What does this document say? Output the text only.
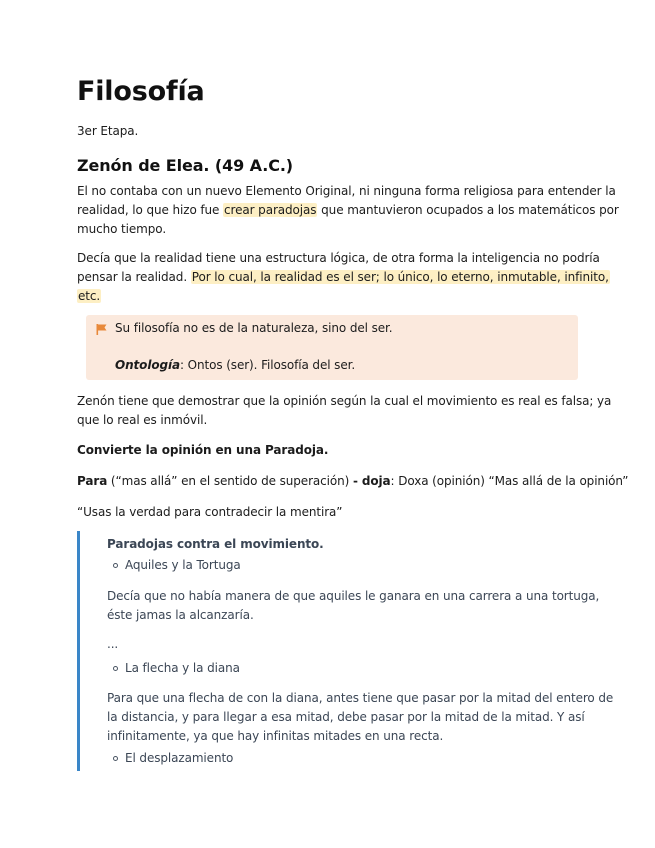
Filosofía
3er Etapa.
Zenón de Elea. (49 A.C.)
El no contaba con un nuevo Elemento Original, ni ninguna forma religiosa para entender la
realidad, lo que hizo fue crear paradojas que mantuvieron ocupados a los matemáticos por
mucho tiempo.
Decía que la realidad tiene una estructura lógica, de otra forma la inteligencia no podría
pensar la realidad. Por lo cual, la realidad es el ser; lo único, lo eterno, inmutable, infinito,
etc.
Su filosofía no es de la naturaleza, sino del ser.
Ontología: Ontos (ser). Filosofía del ser.
Zenón tiene que demostrar que la opinión según la cual el movimiento es real es falsa; ya
que lo real es inmóvil.
Convierte la opinión en una Paradoja.
Para (“mas allá” en el sentido de superación) - doja: Doxa (opinión) “Mas allá de la opinión”
“Usas la verdad para contradecir la mentira”
Paradojas contra el movimiento.
Aquiles y la Tortuga
Decía que no había manera de que aquiles le ganara en una carrera a una tortuga,
éste jamas la alcanzaría.
...
La flecha y la diana
Para que una flecha de con la diana, antes tiene que pasar por la mitad del entero de
la distancia, y para llegar a esa mitad, debe pasar por la mitad de la mitad. Y así
infinitamente, ya que hay infinitas mitades en una recta.
El desplazamiento
